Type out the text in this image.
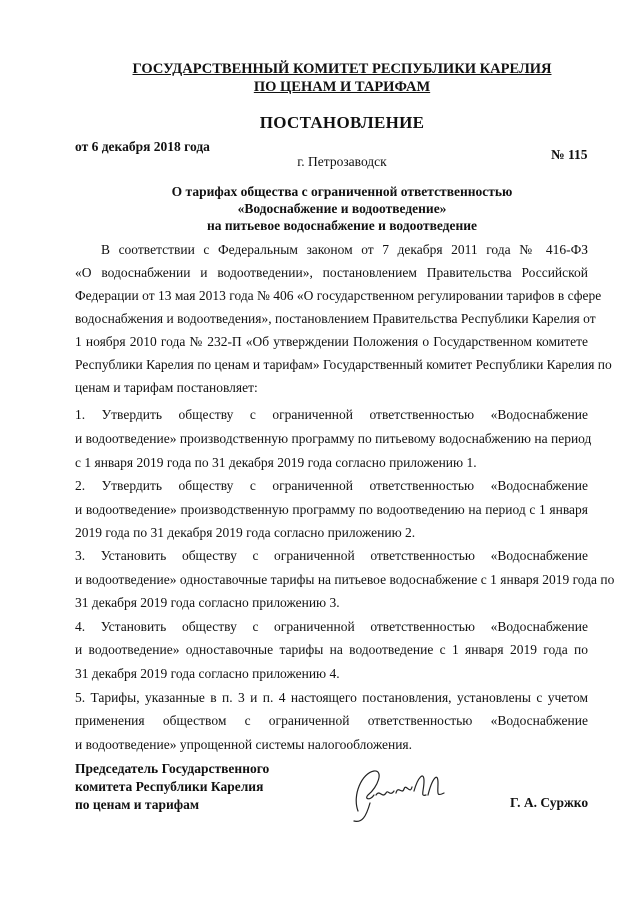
ГОСУДАРСТВЕННЫЙ КОМИТЕТ РЕСПУБЛИКИ КАРЕЛИЯ
ПО ЦЕНАМ И ТАРИФАМ
ПОСТАНОВЛЕНИЕ
от 6 декабря 2018 года
№ 115
г. Петрозаводск
О тарифах общества с ограниченной ответственностью
«Водоснабжение и водоотведение»
на питьевое водоснабжение и водоотведение
В соответствии с Федеральным законом от 7 декабря 2011 года № 416-ФЗ
«О водоснабжении и водоотведении», постановлением Правительства Российской
Федерации от 13 мая 2013 года № 406 «О государственном регулировании тарифов в сфере
водоснабжения и водоотведения», постановлением Правительства Республики Карелия от
1 ноября 2010 года № 232-П «Об утверждении Положения о Государственном комитете
Республики Карелия по ценам и тарифам» Государственный комитет Республики Карелия по
ценам и тарифам постановляет:
1. Утвердить обществу с ограниченной ответственностью «Водоснабжение
и водоотведение» производственную программу по питьевому водоснабжению на период
с 1 января 2019 года по 31 декабря 2019 года согласно приложению 1.
2. Утвердить обществу с ограниченной ответственностью «Водоснабжение
и водоотведение» производственную программу по водоотведению на период с 1 января
2019 года по 31 декабря 2019 года согласно приложению 2.
3. Установить обществу с ограниченной ответственностью «Водоснабжение
и водоотведение» одноставочные тарифы на питьевое водоснабжение с 1 января 2019 года по
31 декабря 2019 года согласно приложению 3.
4. Установить обществу с ограниченной ответственностью «Водоснабжение
и водоотведение» одноставочные тарифы на водоотведение с 1 января 2019 года по
31 декабря 2019 года согласно приложению 4.
5. Тарифы, указанные в п. 3 и п. 4 настоящего постановления, установлены с учетом
применения обществом с ограниченной ответственностью «Водоснабжение
и водоотведение» упрощенной системы налогообложения.
Председатель Государственного
комитета Республики Карелия
по ценам и тарифам	Г. А. Суржко
